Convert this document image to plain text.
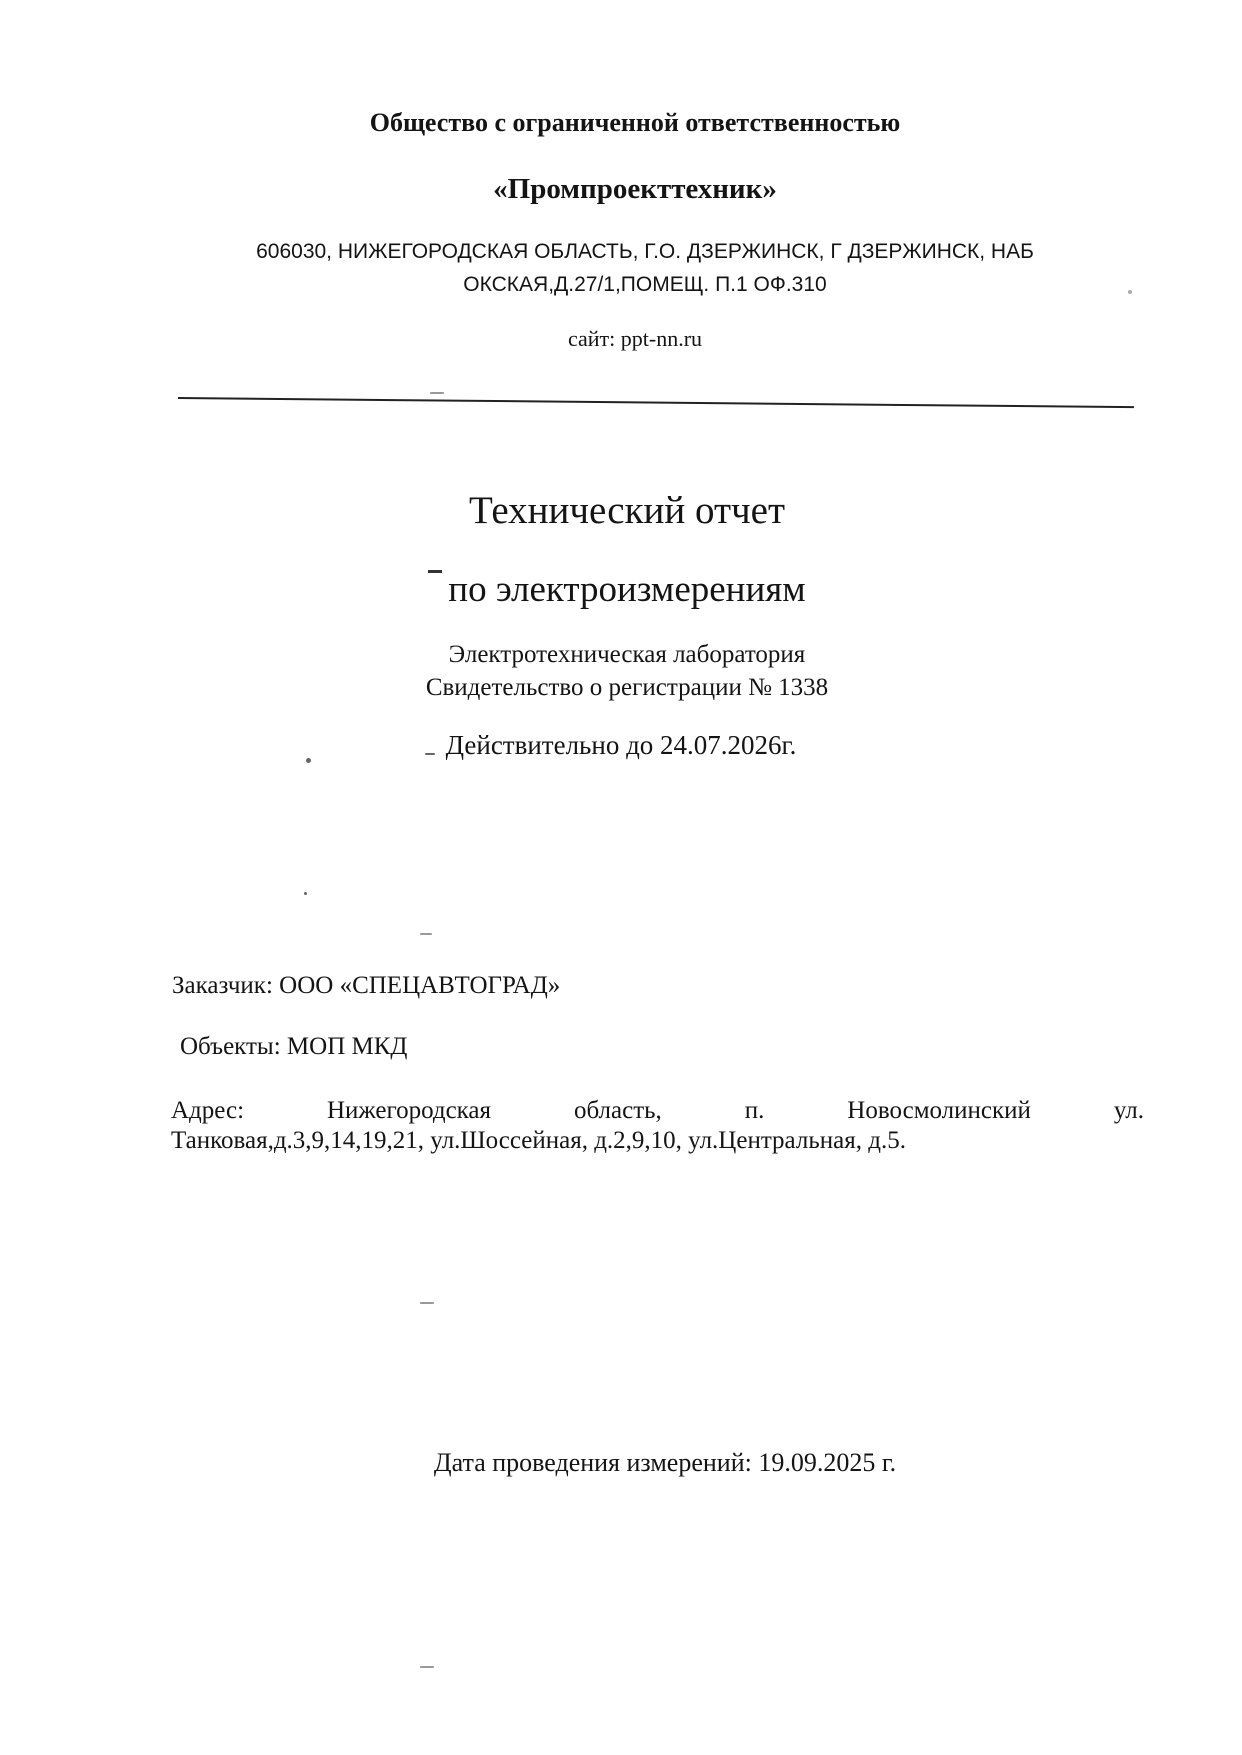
Общество с ограниченной ответственностью
«Промпроекттехник»
606030, НИЖЕГОРОДСКАЯ ОБЛАСТЬ, Г.О. ДЗЕРЖИНСК, Г ДЗЕРЖИНСК, НАБ
ОКСКАЯ,Д.27/1,ПОМЕЩ. П.1 ОФ.310
сайт: ppt-nn.ru
Технический отчет
по электроизмерениям
Электротехническая лаборатория
Свидетельство о регистрации № 1338
Действительно до 24.07.2026г.
Заказчик: ООО «СПЕЦАВТОГРАД»
Объекты: МОП МКД
Адрес:	Нижегородская	область,	п.	Новосмолинский	ул.
Танковая,д.3,9,14,19,21, ул.Шоссейная, д.2,9,10, ул.Центральная, д.5.
Дата проведения измерений: 19.09.2025 г.
